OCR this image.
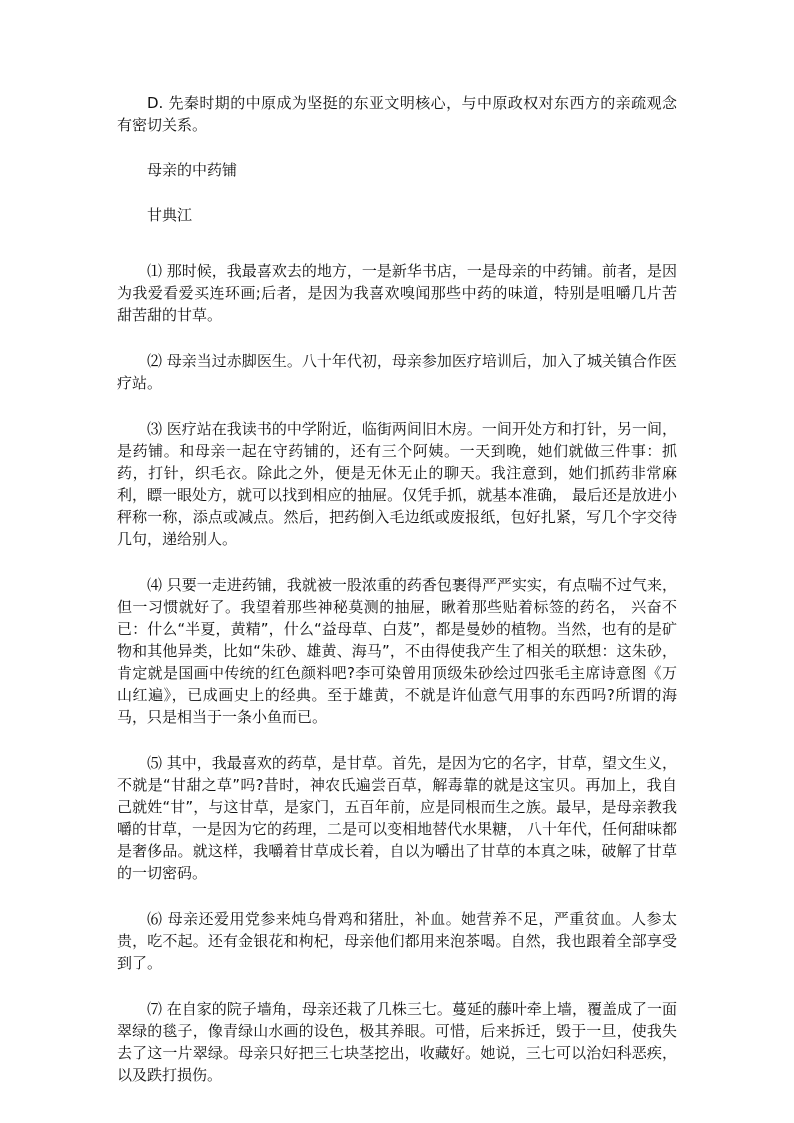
D. 先秦时期的中原成为坚挺的东亚文明核心，与中原政权对东西方的亲疏观念有密切关系。

母亲的中药铺

甘典江

⑴ 那时候，我最喜欢去的地方，一是新华书店，一是母亲的中药铺。前者，是因为我爱看爱买连环画;后者，是因为我喜欢嗅闻那些中药的味道，特别是咀嚼几片苦甜苦甜的甘草。

⑵ 母亲当过赤脚医生。八十年代初，母亲参加医疗培训后，加入了城关镇合作医疗站。

⑶ 医疗站在我读书的中学附近，临街两间旧木房。一间开处方和打针，另一间，是药铺。和母亲一起在守药铺的，还有三个阿姨。一天到晚，她们就做三件事：抓药，打针，织毛衣。除此之外，便是无休无止的聊天。我注意到，她们抓药非常麻利，瞟一眼处方，就可以找到相应的抽屉。仅凭手抓，就基本准确， 最后还是放进小秤称一称，添点或减点。然后，把药倒入毛边纸或废报纸，包好扎紧，写几个字交待几句，递给别人。

⑷ 只要一走进药铺，我就被一股浓重的药香包裹得严严实实，有点喘不过气来，但一习惯就好了。我望着那些神秘莫测的抽屉，瞅着那些贴着标签的药名， 兴奋不已：什么“半夏，黄精”，什么“益母草、白芨”，都是曼妙的植物。当然，也有的是矿物和其他异类，比如“朱砂、雄黄、海马”，不由得使我产生了相关的联想：这朱砂，肯定就是国画中传统的红色颜料吧?李可染曾用顶级朱砂绘过四张毛主席诗意图《万山红遍》，已成画史上的经典。至于雄黄，不就是许仙意气用事的东西吗?所谓的海马，只是相当于一条小鱼而已。

⑸ 其中，我最喜欢的药草，是甘草。首先，是因为它的名字，甘草，望文生义，不就是“甘甜之草”吗?昔时，神农氏遍尝百草，解毒靠的就是这宝贝。再加上，我自己就姓“甘”，与这甘草，是家门，五百年前，应是同根而生之族。最早，是母亲教我嚼的甘草，一是因为它的药理，二是可以变相地替代水果糖， 八十年代，任何甜味都是奢侈品。就这样，我嚼着甘草成长着，自以为嚼出了甘草的本真之味，破解了甘草的一切密码。

⑹ 母亲还爱用党参来炖乌骨鸡和猪肚，补血。她营养不足，严重贫血。人参太贵，吃不起。还有金银花和枸杞，母亲他们都用来泡茶喝。自然，我也跟着全部享受到了。

⑺ 在自家的院子墙角，母亲还栽了几株三七。蔓延的藤叶牵上墙，覆盖成了一面翠绿的毯子，像青绿山水画的设色，极其养眼。可惜，后来拆迁，毁于一旦，使我失去了这一片翠绿。母亲只好把三七块茎挖出，收藏好。她说，三七可以治妇科恶疾，以及跌打损伤。
